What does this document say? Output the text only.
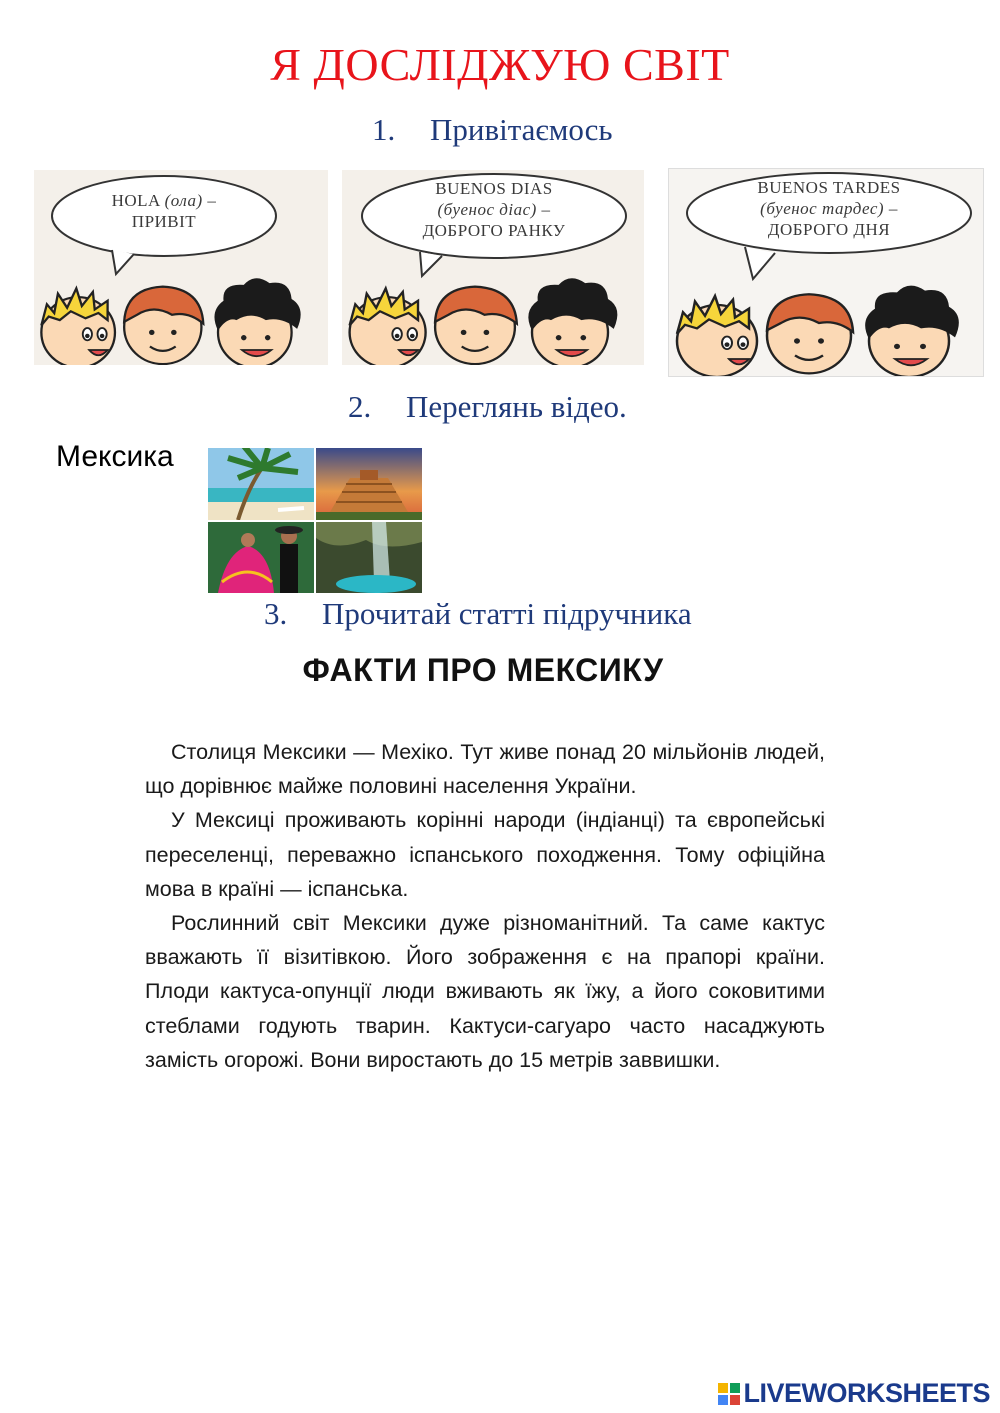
Я ДОСЛІДЖУЮ СВІТ
1. Привітаємось
HOLA (ола) –
ПРИВІТ
BUENOS DIAS
(буенос діас) –
ДОБРОГО РАНКУ
BUENOS TARDES
(буенос тардес) –
ДОБРОГО ДНЯ
2. Переглянь відео.
Мексика
3. Прочитай статті підручника
ФАКТИ ПРО МЕКСИКУ

Столиця Мексики — Мехіко. Тут живе понад 20 мільйонів людей, що дорівнює майже половині населення України.

У Мексиці проживають корінні народи (індіанці) та європейські переселенці, переважно іспанського походження. Тому офіційна мова в країні — іспанська.

Рослинний світ Мексики дуже різноманітний. Та саме кактус вважають її візитівкою. Його зображення є на прапорі країни. Плоди кактуса-опунції люди вживають як їжу, а його соковитими стеблами годують тварин. Кактуси-сагуаро часто насаджують замість огорожі. Вони виростають до 15 метрів заввишки.

LIVEWORKSHEETS
